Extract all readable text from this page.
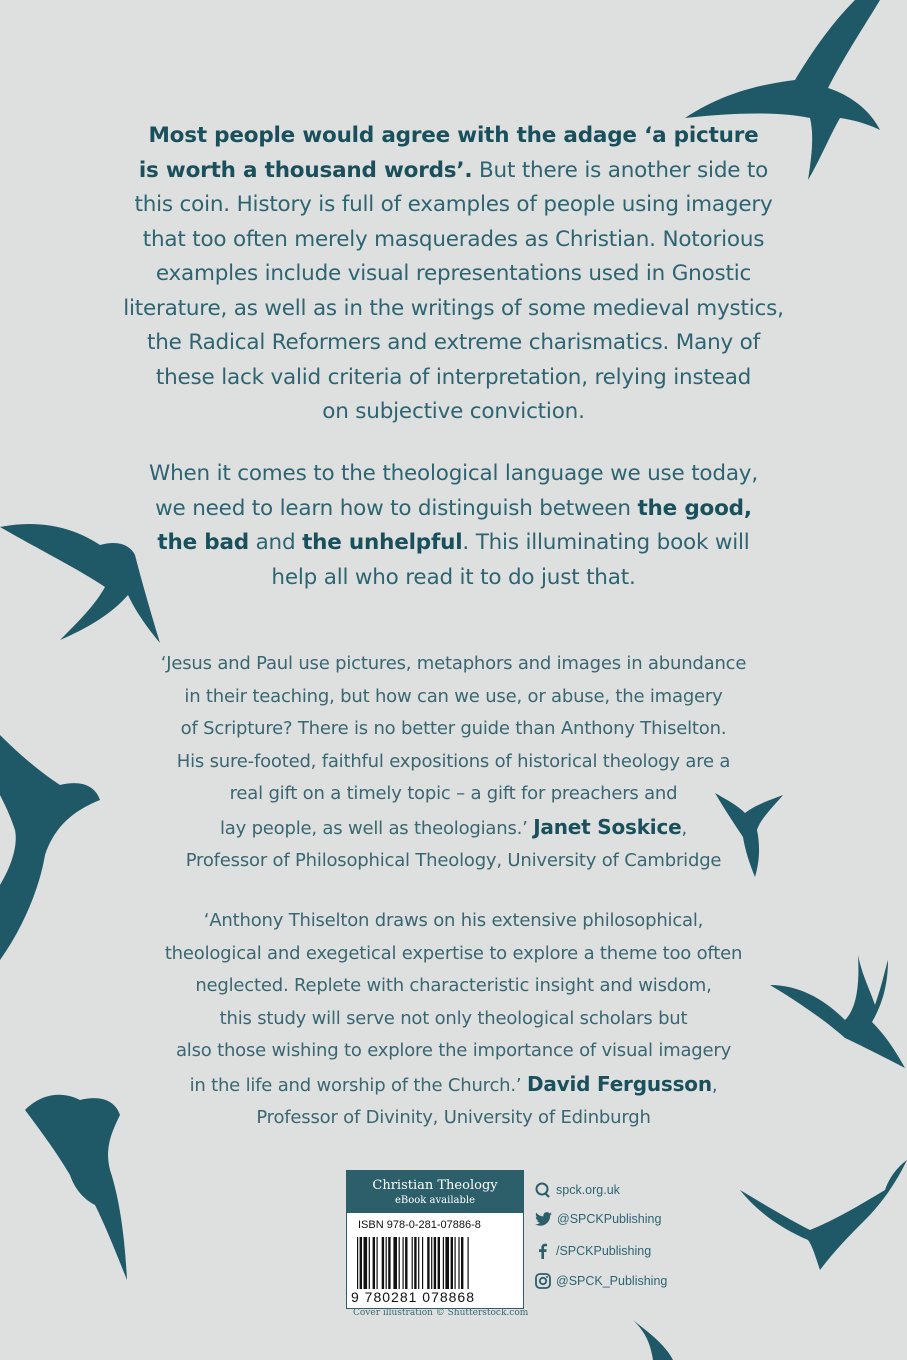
Most people would agree with the adage ‘a picture

is worth a thousand words’. But there is another side to

this coin. History is full of examples of people using imagery

that too often merely masquerades as Christian. Notorious

examples include visual representations used in Gnostic

literature, as well as in the writings of some medieval mystics,

the Radical Reformers and extreme charismatics. Many of

these lack valid criteria of interpretation, relying instead

on subjective conviction.

When it comes to the theological language we use today,

we need to learn how to distinguish between the good,

the bad and the unhelpful. This illuminating book will

help all who read it to do just that.

‘Jesus and Paul use pictures, metaphors and images in abundance

in their teaching, but how can we use, or abuse, the imagery

of Scripture? There is no better guide than Anthony Thiselton.

His sure-footed, faithful expositions of historical theology are a

real gift on a timely topic – a gift for preachers and

lay people, as well as theologians.’ Janet Soskice,

Professor of Philosophical Theology, University of Cambridge

‘Anthony Thiselton draws on his extensive philosophical,

theological and exegetical expertise to explore a theme too often

neglected. Replete with characteristic insight and wisdom,

this study will serve not only theological scholars but

also those wishing to explore the importance of visual imagery

in the life and worship of the Church.’ David Fergusson,

Professor of Divinity, University of Edinburgh

Christian Theology
eBook available
ISBN 978-0-281-07886-8
9 780281 078868
Cover illustration © Shutterstock.com
spck.org.uk
@SPCKPublishing
/SPCKPublishing
@SPCK_Publishing
